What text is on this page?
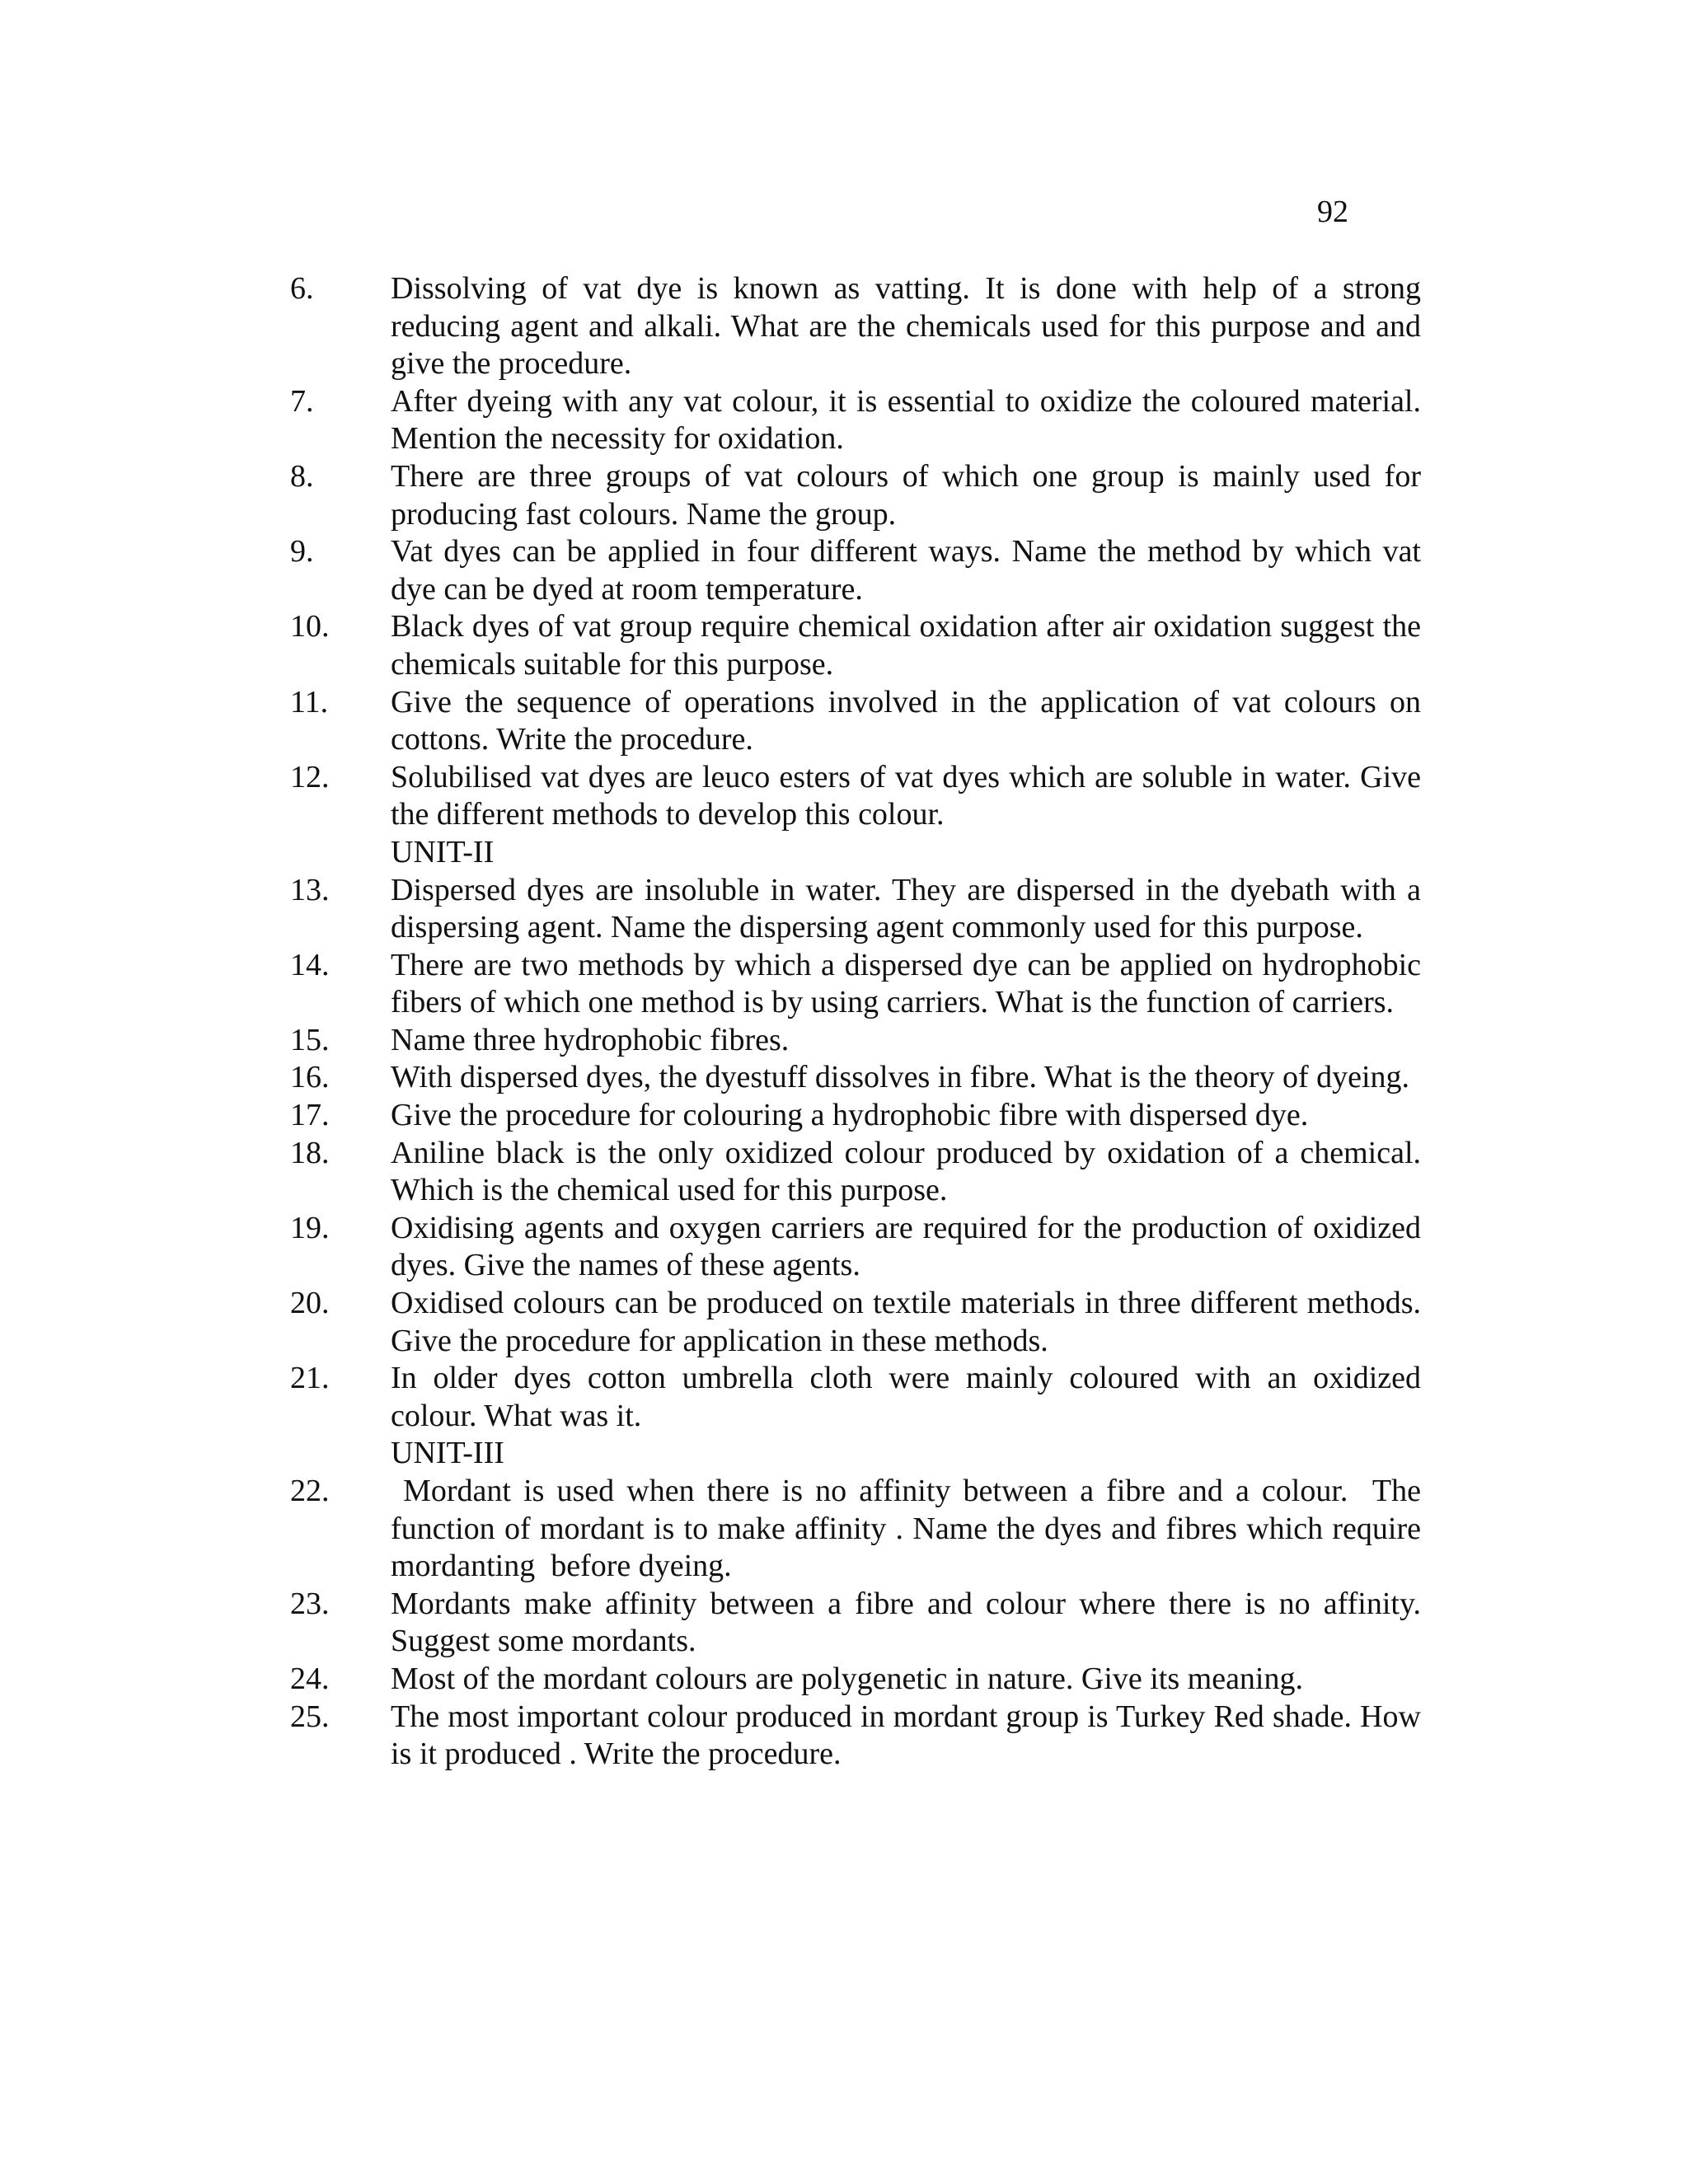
92
6.	Dissolving of vat dye is known as vatting. It is done with help of a strong reducing agent and alkali. What are the chemicals used for this purpose and and give the procedure.
7.	After dyeing with any vat colour, it is essential to oxidize the coloured material. Mention the necessity for oxidation.
8.	There are three groups of vat colours of which one group is mainly used for producing fast colours. Name the group.
9.	Vat dyes can be applied in four different ways. Name the method by which vat dye can be dyed at room temperature.
10.	Black dyes of vat group require chemical oxidation after air oxidation suggest the chemicals suitable for this purpose.
11.	Give the sequence of operations involved in the application of vat colours on cottons. Write the procedure.
12.	Solubilised vat dyes are leuco esters of vat dyes which are soluble in water. Give the different methods to develop this colour.
UNIT-II
13.	Dispersed dyes are insoluble in water. They are dispersed in the dyebath with a dispersing agent. Name the dispersing agent commonly used for this purpose.
14.	There are two methods by which a dispersed dye can be applied on hydrophobic fibers of which one method is by using carriers. What is the function of carriers.
15.	Name three hydrophobic fibres.
16.	With dispersed dyes, the dyestuff dissolves in fibre. What is the theory of dyeing.
17.	Give the procedure for colouring a hydrophobic fibre with dispersed dye.
18.	Aniline black is the only oxidized colour produced by oxidation of a chemical. Which is the chemical used for this purpose.
19.	Oxidising agents and oxygen carriers are required for the production of oxidized dyes. Give the names of these agents.
20.	Oxidised colours can be produced on textile materials in three different methods. Give the procedure for application in these methods.
21.	In older dyes cotton umbrella cloth were mainly coloured with an oxidized colour. What was it.
UNIT-III
22.	Mordant is used when there is no affinity between a fibre and a colour.  The function of mordant is to make affinity . Name the dyes and fibres which require mordanting  before dyeing.
23.	Mordants make affinity between a fibre and colour where there is no affinity. Suggest some mordants.
24.	Most of the mordant colours are polygenetic in nature. Give its meaning.
25.	The most important colour produced in mordant group is Turkey Red shade. How is it produced . Write the procedure.
